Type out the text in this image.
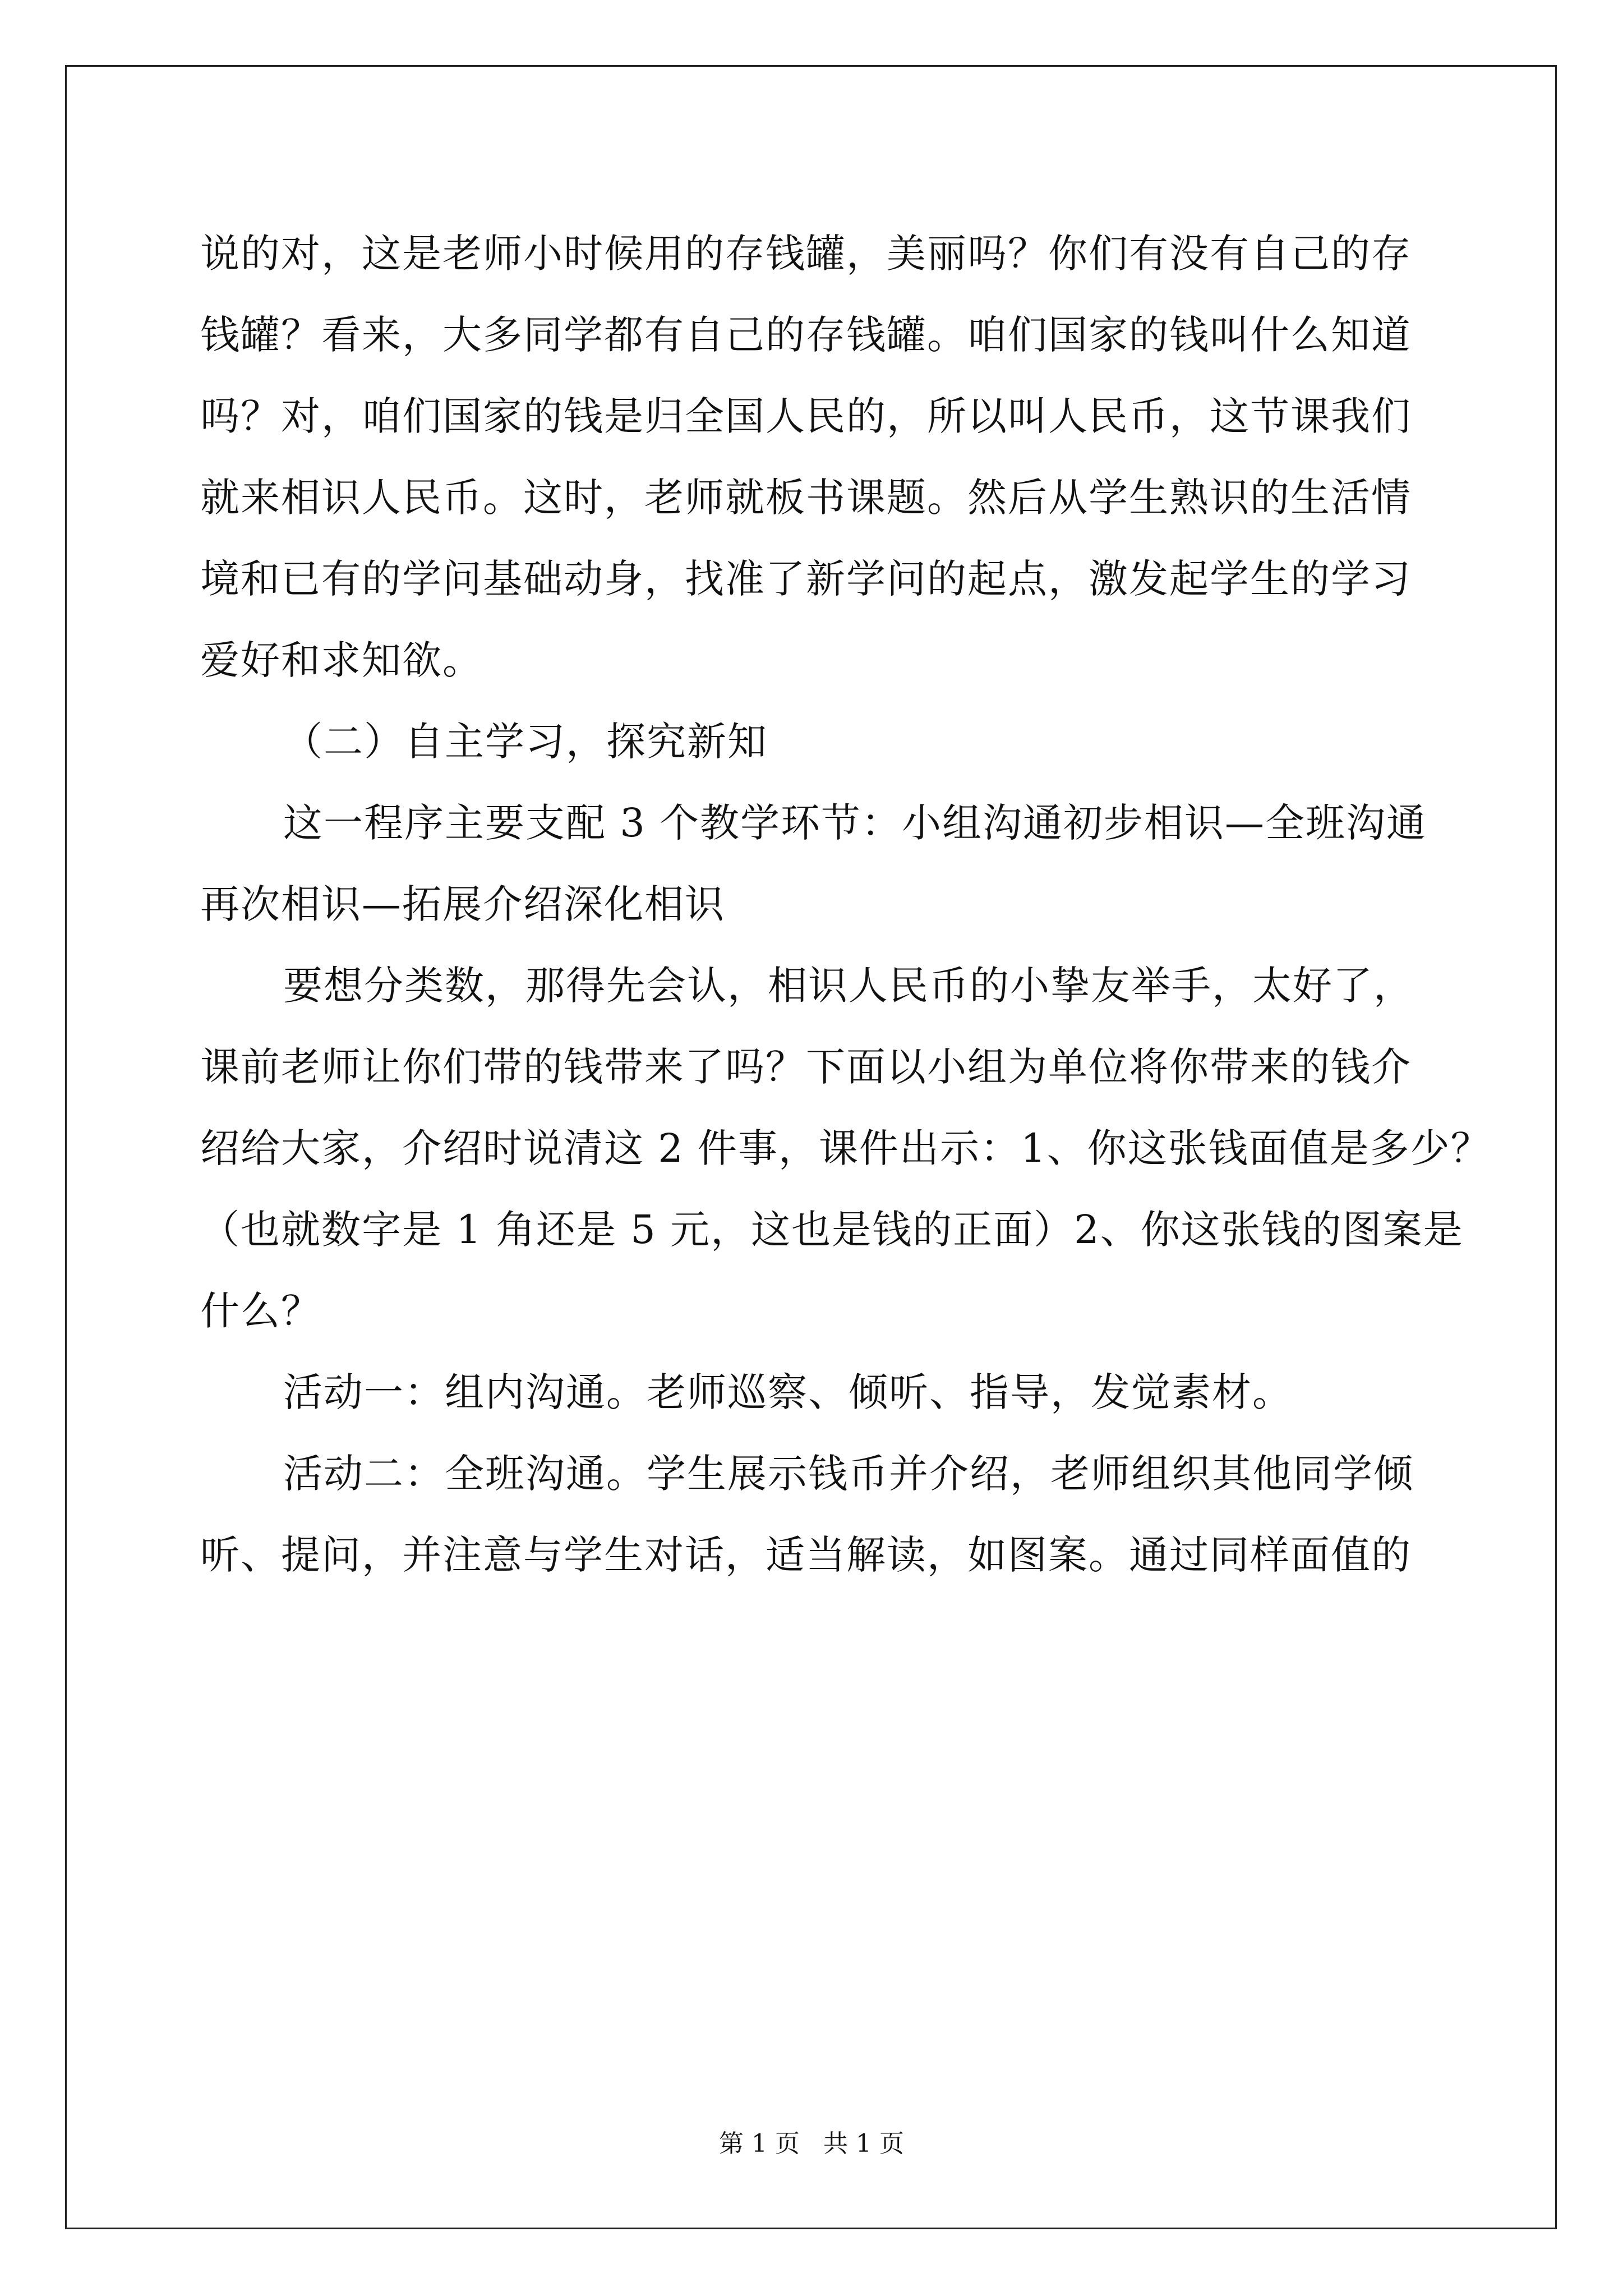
说的对，这是老师小时候用的存钱罐，美丽吗？你们有没有自己的存
钱罐？看来，大多同学都有自己的存钱罐。咱们国家的钱叫什么知道
吗？对，咱们国家的钱是归全国人民的，所以叫人民币，这节课我们
就来相识人民币。这时，老师就板书课题。然后从学生熟识的生活情
境和已有的学问基础动身，找准了新学问的起点，激发起学生的学习
爱好和求知欲。
（二）自主学习，探究新知
这一程序主要支配 3 个教学环节：小组沟通初步相识—全班沟通
再次相识—拓展介绍深化相识
要想分类数，那得先会认，相识人民币的小挚友举手，太好了，
课前老师让你们带的钱带来了吗？下面以小组为单位将你带来的钱介
绍给大家，介绍时说清这 2 件事，课件出示：1、你这张钱面值是多少？
（也就数字是 1 角还是 5 元，这也是钱的正面）2、你这张钱的图案是
什么？
活动一：组内沟通。老师巡察、倾听、指导，发觉素材。
活动二：全班沟通。学生展示钱币并介绍，老师组织其他同学倾
听、提问，并注意与学生对话，适当解读，如图案。通过同样面值的
第 1 页   共 1 页
